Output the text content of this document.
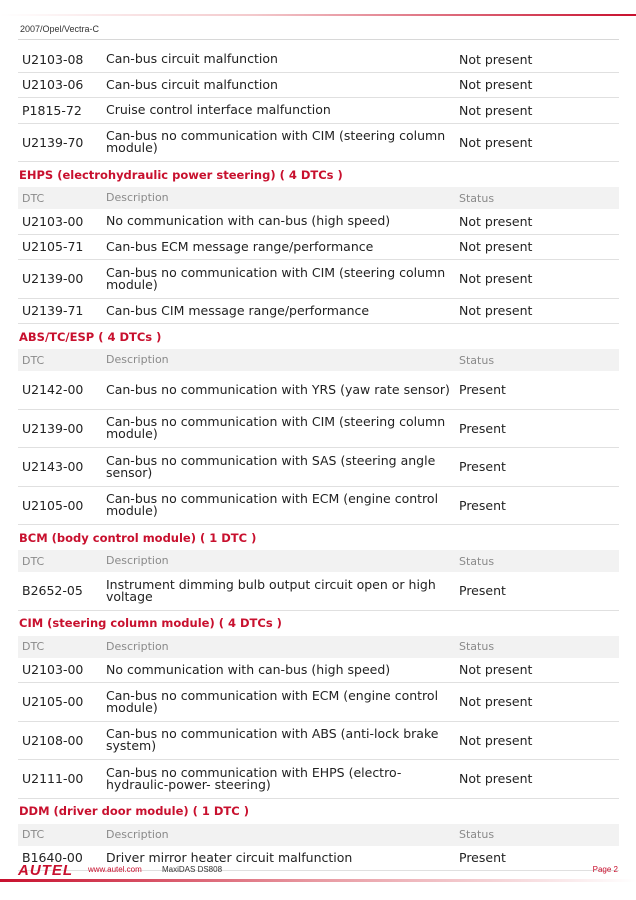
2007/Opel/Vectra-C
U2103-08	Can-bus circuit malfunction	Not present
U2103-06	Can-bus circuit malfunction	Not present
P1815-72	Cruise control interface malfunction	Not present
U2139-70	Can-bus no communication with CIM (steering column module)	Not present
EHPS (electrohydraulic power steering) ( 4 DTCs )
DTC	Description	Status
U2103-00	No communication with can-bus (high speed)	Not present
U2105-71	Can-bus ECM message range/performance	Not present
U2139-00	Can-bus no communication with CIM (steering column module)	Not present
U2139-71	Can-bus CIM message range/performance	Not present
ABS/TC/ESP ( 4 DTCs )
DTC	Description	Status
U2142-00	Can-bus no communication with YRS (yaw rate sensor) Present
U2139-00	Can-bus no communication with CIM (steering column module)	Present
U2143-00	Can-bus no communication with SAS (steering angle sensor)	Present
U2105-00	Can-bus no communication with ECM (engine control module)	Present
BCM (body control module) ( 1 DTC )
DTC	Description	Status
B2652-05	Instrument dimming bulb output circuit open or high voltage	Present
CIM (steering column module) ( 4 DTCs )
DTC	Description	Status
U2103-00	No communication with can-bus (high speed)	Not present
U2105-00	Can-bus no communication with ECM (engine control module)	Not present
U2108-00	Can-bus no communication with ABS (anti-lock brake system)	Not present
U2111-00	Can-bus no communication with EHPS (electro-hydraulic-power- steering)	Not present
DDM (driver door module) ( 1 DTC )
DTC	Description	Status
B1640-00	Driver mirror heater circuit malfunction	Present
AUTEL www.autel.com	MaxiDAS DS808	Page 2
